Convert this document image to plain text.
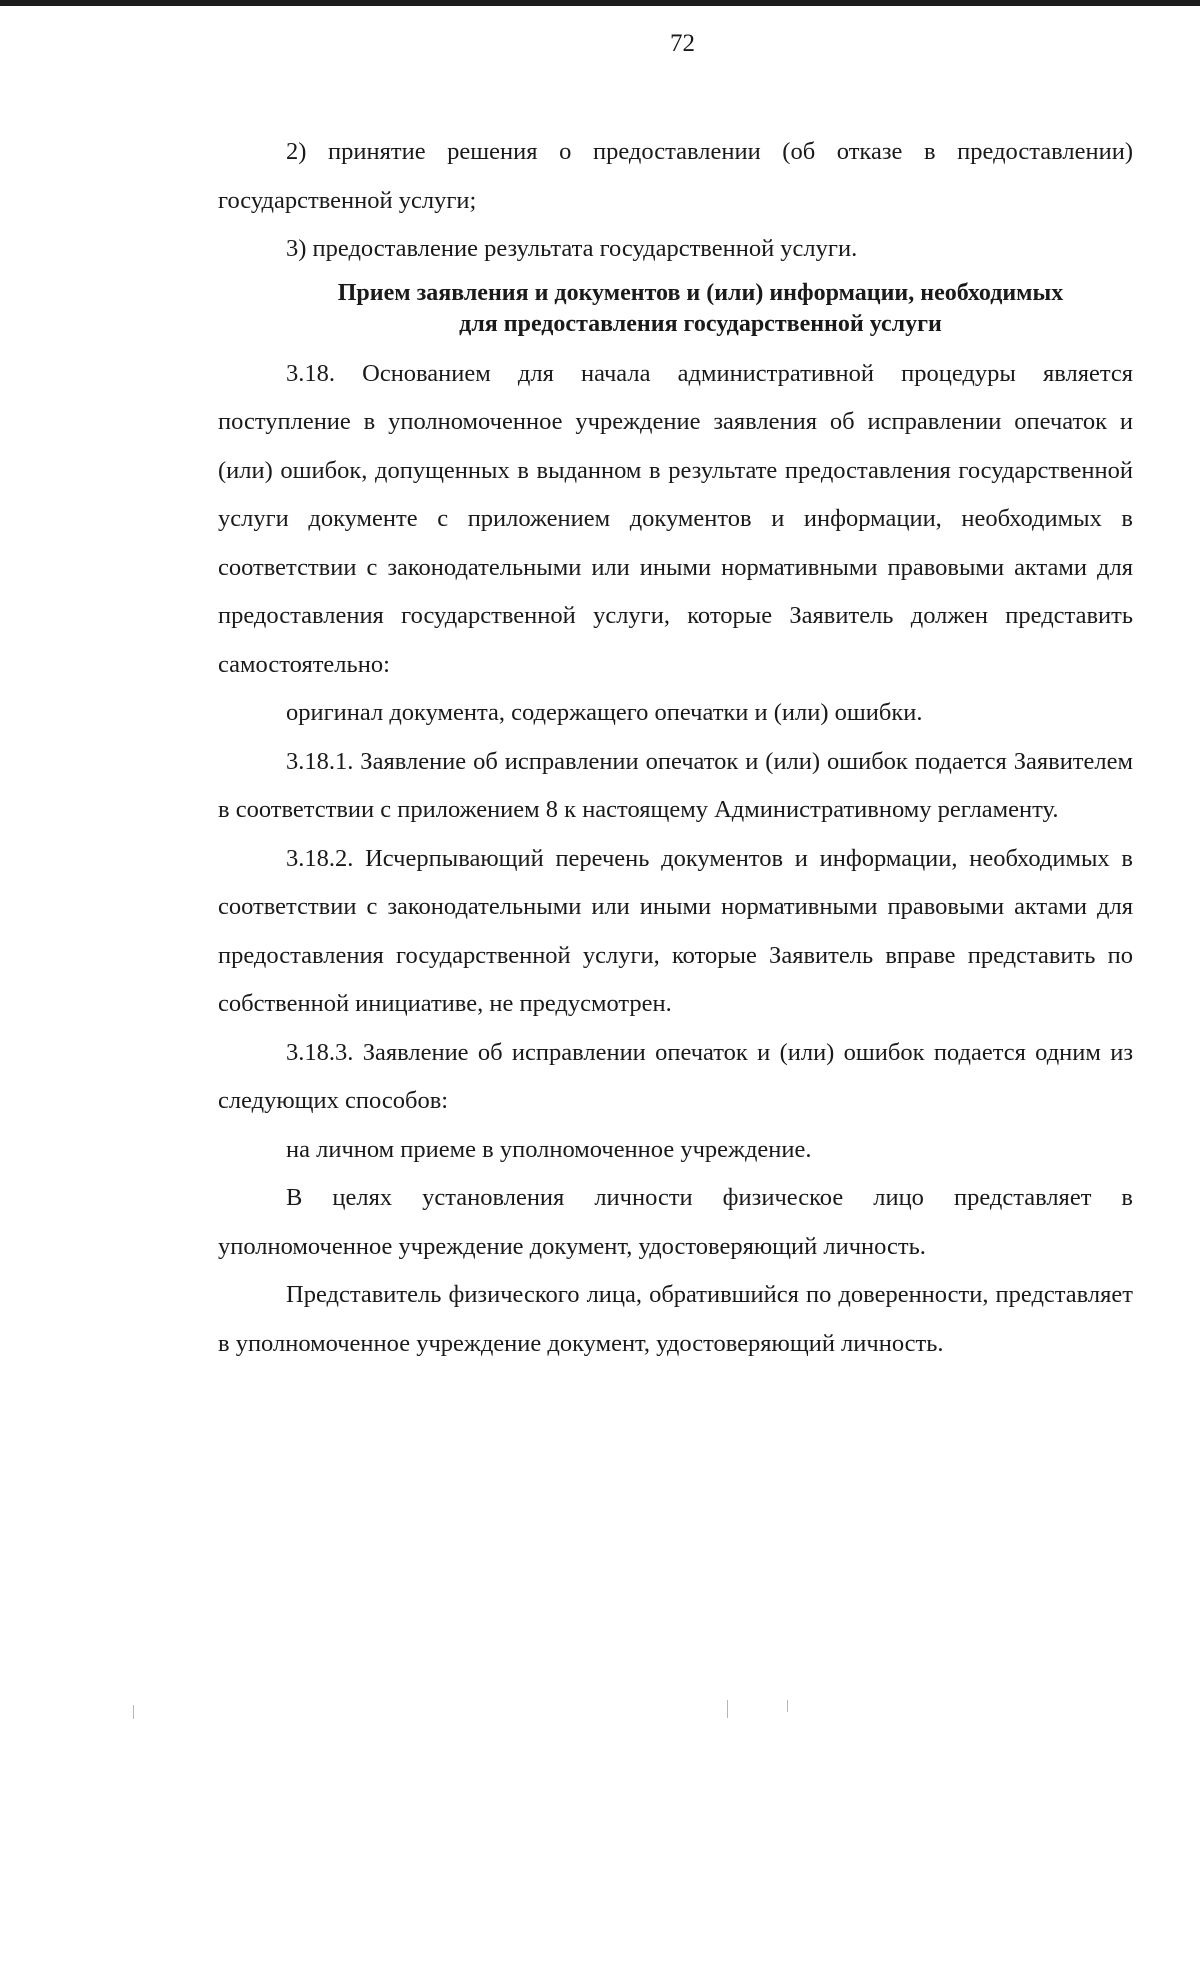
72

2) принятие решения о предоставлении (об отказе в предоставлении) государственной услуги;

3) предоставление результата государственной услуги.

Прием заявления и документов и (или) информации, необходимых
для предоставления государственной услуги

3.18. Основанием для начала административной процедуры является поступление в уполномоченное учреждение заявления об исправлении опечаток и (или) ошибок, допущенных в выданном в результате предоставления государственной услуги документе с приложением документов и информации, необходимых в соответствии с законодательными или иными нормативными правовыми актами для предоставления государственной услуги, которые Заявитель должен представить самостоятельно:

оригинал документа, содержащего опечатки и (или) ошибки.

3.18.1. Заявление об исправлении опечаток и (или) ошибок подается Заявителем в соответствии с приложением 8 к настоящему Административному регламенту.

3.18.2. Исчерпывающий перечень документов и информации, необходимых в соответствии с законодательными или иными нормативными правовыми актами для предоставления государственной услуги, которые Заявитель вправе представить по собственной инициативе, не предусмотрен.

3.18.3. Заявление об исправлении опечаток и (или) ошибок подается одним из следующих способов:

на личном приеме в уполномоченное учреждение.

В целях установления личности физическое лицо представляет в уполномоченное учреждение документ, удостоверяющий личность.

Представитель физического лица, обратившийся по доверенности, представляет в уполномоченное учреждение документ, удостоверяющий личность.
